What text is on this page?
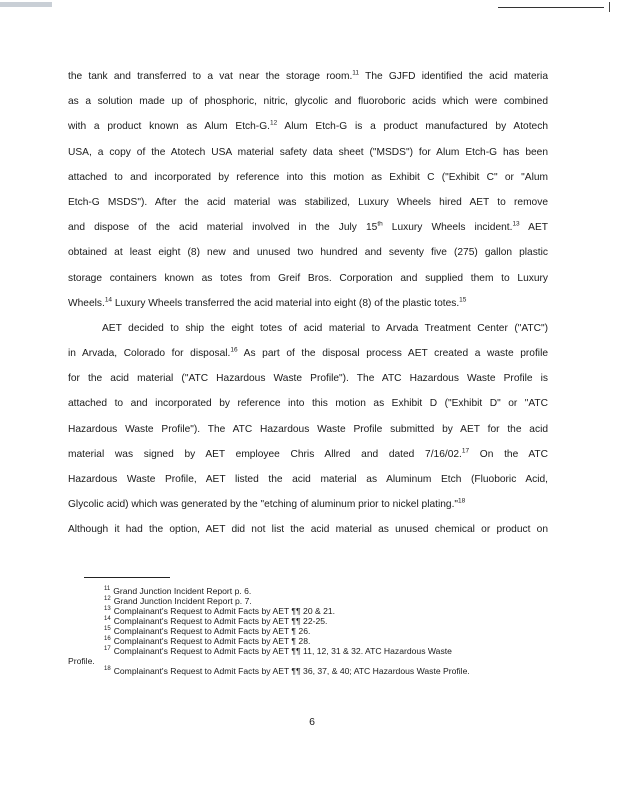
the tank and transferred to a vat near the storage room.$^{11}$ The GJFD identified the acid materia
as a solution made up of phosphoric, nitric, glycolic and fluoroboric acids which were combined
with a product known as Alum Etch-G.$^{12}$ Alum Etch-G is a product manufactured by Atotech
USA, a copy of the Atotech USA material safety data sheet ("MSDS") for Alum Etch-G has been
attached to and incorporated by reference into this motion as Exhibit C ("Exhibit C" or "Alum
Etch-G MSDS"). After the acid material was stabilized, Luxury Wheels hired AET to remove
and dispose of the acid material involved in the July 15th Luxury Wheels incident.$^{13}$ AET
obtained at least eight (8) new and unused two hundred and seventy five (275) gallon plastic
storage containers known as totes from Greif Bros. Corporation and supplied them to Luxury
Wheels.$^{14}$ Luxury Wheels transferred the acid material into eight (8) of the plastic totes.$^{15}$
AET decided to ship the eight totes of acid material to Arvada Treatment Center ("ATC")
in Arvada, Colorado for disposal.$^{16}$ As part of the disposal process AET created a waste profile
for the acid material ("ATC Hazardous Waste Profile"). The ATC Hazardous Waste Profile is
attached to and incorporated by reference into this motion as Exhibit D ("Exhibit D" or "ATC
Hazardous Waste Profile"). The ATC Hazardous Waste Profile submitted by AET for the acid
material was signed by AET employee Chris Allred and dated 7/16/02.17 On the ATC
Hazardous Waste Profile, AET listed the acid material as Aluminum Etch (Fluoboric Acid,
Glycolic acid) which was generated by the "etching of aluminum prior to nickel plating."$^{18}$
Although it had the option, AET did not list the acid material as unused chemical or product on
$^{11}$ Grand Junction Incident Report p. 6.
$^{12}$ Grand Junction Incident Report p. 7.
$^{13}$ Complainant's Request to Admit Facts by AET ¶¶ 20 & 21.
$^{14}$ Complainant's Request to Admit Facts by AET ¶¶ 22-25.
$^{15}$ Complainant's Request to Admit Facts by AET ¶ 26.
$^{16}$ Complainant's Request to Admit Facts by AET ¶ 28.
$^{17}$ Complainant's Request to Admit Facts by AET ¶¶ 11, 12, 31 & 32. ATC Hazardous Waste
Profile.
$^{18}$ Complainant's Request to Admit Facts by AET ¶¶ 36, 37, & 40; ATC Hazardous Waste Profile.
6
